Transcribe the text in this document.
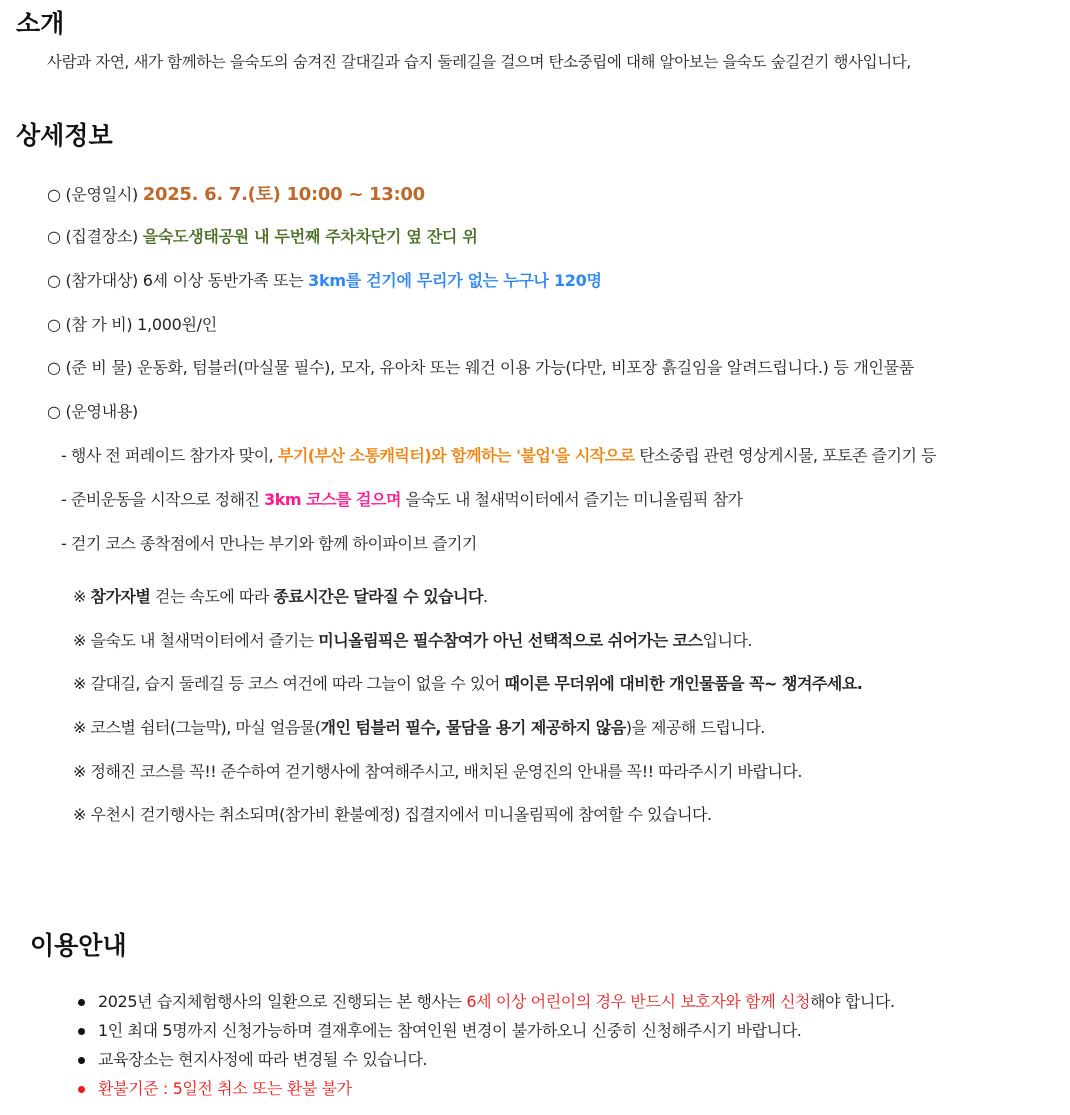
소개
사람과 자연, 새가 함께하는 을숙도의 숨겨진 갈대길과 습지 둘레길을 걸으며 탄소중립에 대해 알아보는 을숙도 숲길걷기 행사입니다,
상세정보
○ (운영일시) 2025. 6. 7.(토) 10:00 ~ 13:00
○ (집결장소) 을숙도생태공원 내 두번째 주차차단기 옆 잔디 위
○ (참가대상) 6세 이상 동반가족 또는 3km를 걷기에 무리가 없는 누구나 120명
○ (참 가 비) 1,000원/인
○ (준 비 물) 운동화, 텀블러(마실물 필수), 모자, 유아차 또는 웨건 이용 가능(다만, 비포장 흙길임을 알려드립니다.) 등 개인물품
○ (운영내용)
- 행사 전 퍼레이드 참가자 맞이, 부기(부산 소통캐릭터)와 함께하는 '불업'을 시작으로 탄소중립 관련 영상게시물, 포토존 즐기기 등
- 준비운동을 시작으로 정해진 3km 코스를 걸으며 을숙도 내 철새먹이터에서 즐기는 미니올림픽 참가
- 걷기 코스 종착점에서 만나는 부기와 함께 하이파이브 즐기기
※ 참가자별 걷는 속도에 따라 종료시간은 달라질 수 있습니다.
※ 을숙도 내 철새먹이터에서 즐기는 미니올림픽은 필수참여가 아닌 선택적으로 쉬어가는 코스입니다.
※ 갈대길, 습지 둘레길 등 코스 여건에 따라 그늘이 없을 수 있어 때이른 무더위에 대비한 개인물품을 꼭~ 챙겨주세요.
※ 코스별 쉼터(그늘막), 마실 얼음물(개인 텀블러 필수, 물담을 용기 제공하지 않음)을 제공해 드립니다.
※ 정해진 코스를 꼭!! 준수하여 걷기행사에 참여해주시고, 배치된 운영진의 안내를 꼭!! 따라주시기 바랍니다.
※ 우천시 걷기행사는 취소되며(참가비 환불예정) 집결지에서 미니올림픽에 참여할 수 있습니다.
이용안내
2025년 습지체험행사의 일환으로 진행되는 본 행사는 6세 이상 어린이의 경우 반드시 보호자와 함께 신청해야 합니다.
1인 최대 5명까지 신청가능하며 결재후에는 참여인원 변경이 불가하오니 신중히 신청해주시기 바랍니다.
교육장소는 현지사정에 따라 변경될 수 있습니다.
환불기준 : 5일전 취소 또는 환불 불가
